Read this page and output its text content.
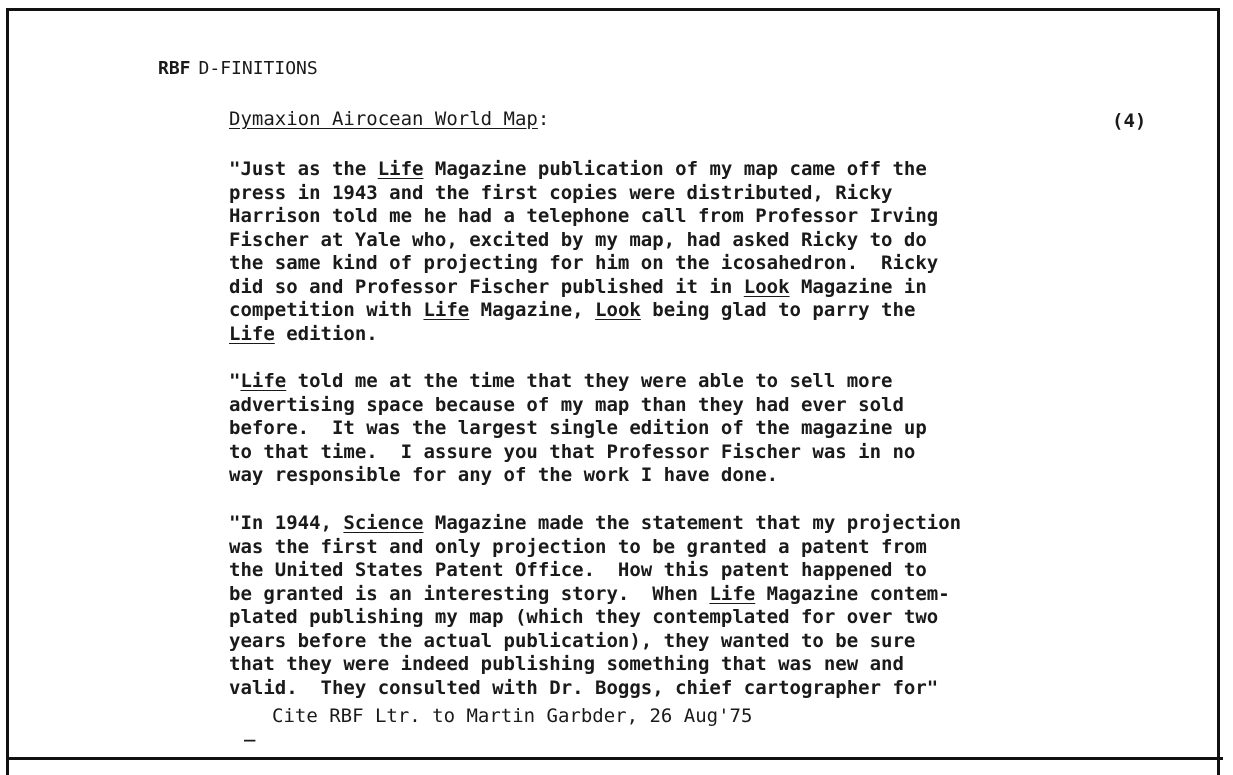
RBF D-FINITIONS
Dymaxion Airocean World Map:	(4)
"Just as the Life Magazine publication of my map came off the
press in 1943 and the first copies were distributed, Ricky
Harrison told me he had a telephone call from Professor Irving
Fischer at Yale who, excited by my map, had asked Ricky to do
the same kind of projecting for him on the icosahedron.  Ricky
did so and Professor Fischer published it in Look Magazine in
competition with Life Magazine, Look being glad to parry the
Life edition.
"Life told me at the time that they were able to sell more
advertising space because of my map than they had ever sold
before.  It was the largest single edition of the magazine up
to that time.  I assure you that Professor Fischer was in no
way responsible for any of the work I have done.
"In 1944, Science Magazine made the statement that my projection
was the first and only projection to be granted a patent from
the United States Patent Office.  How this patent happened to
be granted is an interesting story.  When Life Magazine contem-
plated publishing my map (which they contemplated for over two
years before the actual publication), they wanted to be sure
that they were indeed publishing something that was new and
valid.  They consulted with Dr. Boggs, chief cartographer for"
_
Cite RBF Ltr. to Martin Garbder, 26 Aug'75
